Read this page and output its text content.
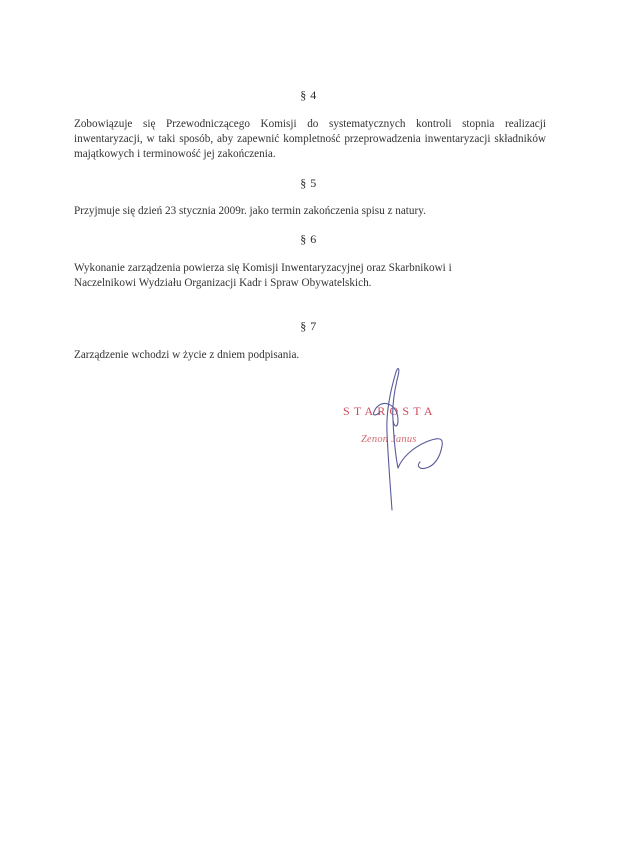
§ 4
Zobowiązuje się Przewodniczącego Komisji do systematycznych kontroli stopnia realizacji inwentaryzacji, w taki sposób, aby zapewnić kompletność przeprowadzenia inwentaryzacji składników majątkowych i terminowość jej zakończenia.
§ 5
Przyjmuje się dzień 23 stycznia 2009r. jako termin zakończenia spisu z natury.
§ 6
Wykonanie zarządzenia powierza się Komisji Inwentaryzacyjnej oraz Skarbnikowi i
Naczelnikowi Wydziału Organizacji Kadr i Spraw Obywatelskich.
§ 7
Zarządzenie wchodzi w życie z dniem podpisania.
STAROSTA
Zenon Janus
